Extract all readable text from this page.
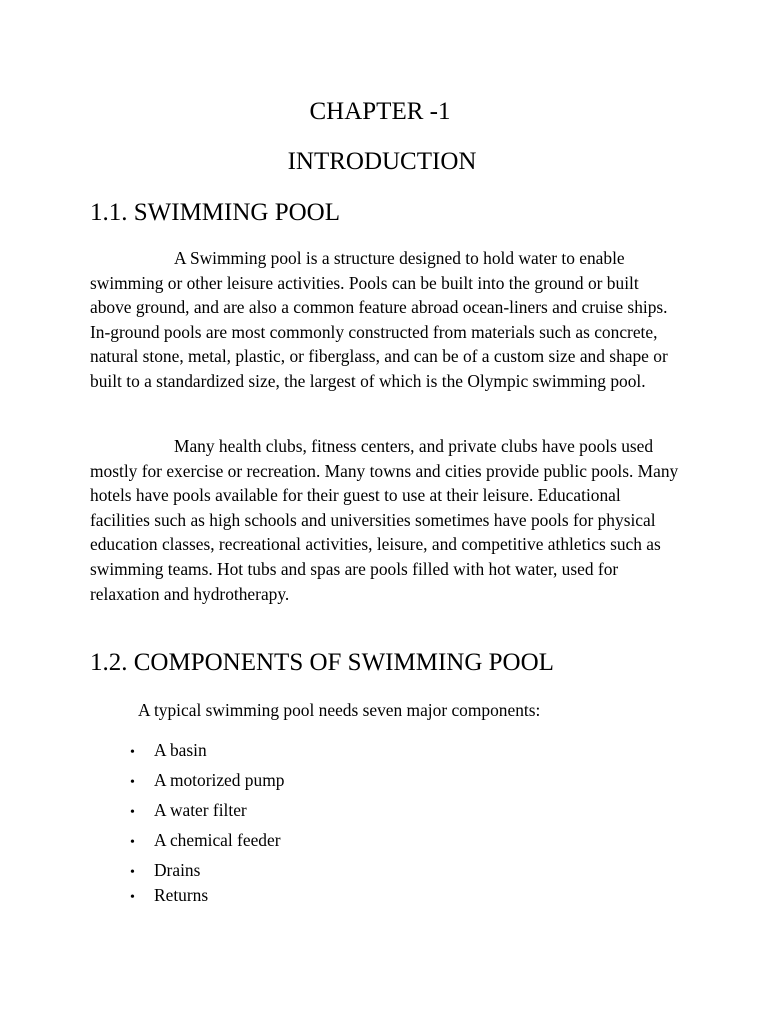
CHAPTER -1
INTRODUCTION
1.1. SWIMMING POOL

A Swimming pool is a structure designed to hold water to enable swimming or other leisure activities. Pools can be built into the ground or built above ground, and are also a common feature abroad ocean-liners and cruise ships. In-ground pools are most commonly constructed from materials such as concrete, natural stone, metal, plastic, or fiberglass, and can be of a custom size and shape or built to a standardized size, the largest of which is the Olympic swimming pool.

Many health clubs, fitness centers, and private clubs have pools used mostly for exercise or recreation. Many towns and cities provide public pools. Many hotels have pools available for their guest to use at their leisure. Educational facilities such as high schools and universities sometimes have pools for physical education classes, recreational activities, leisure, and competitive athletics such as swimming teams. Hot tubs and spas are pools filled with hot water, used for relaxation and hydrotherapy.

1.2. COMPONENTS OF SWIMMING POOL

A typical swimming pool needs seven major components:

• A basin
• A motorized pump
• A water filter
• A chemical feeder
• Drains
• Returns
